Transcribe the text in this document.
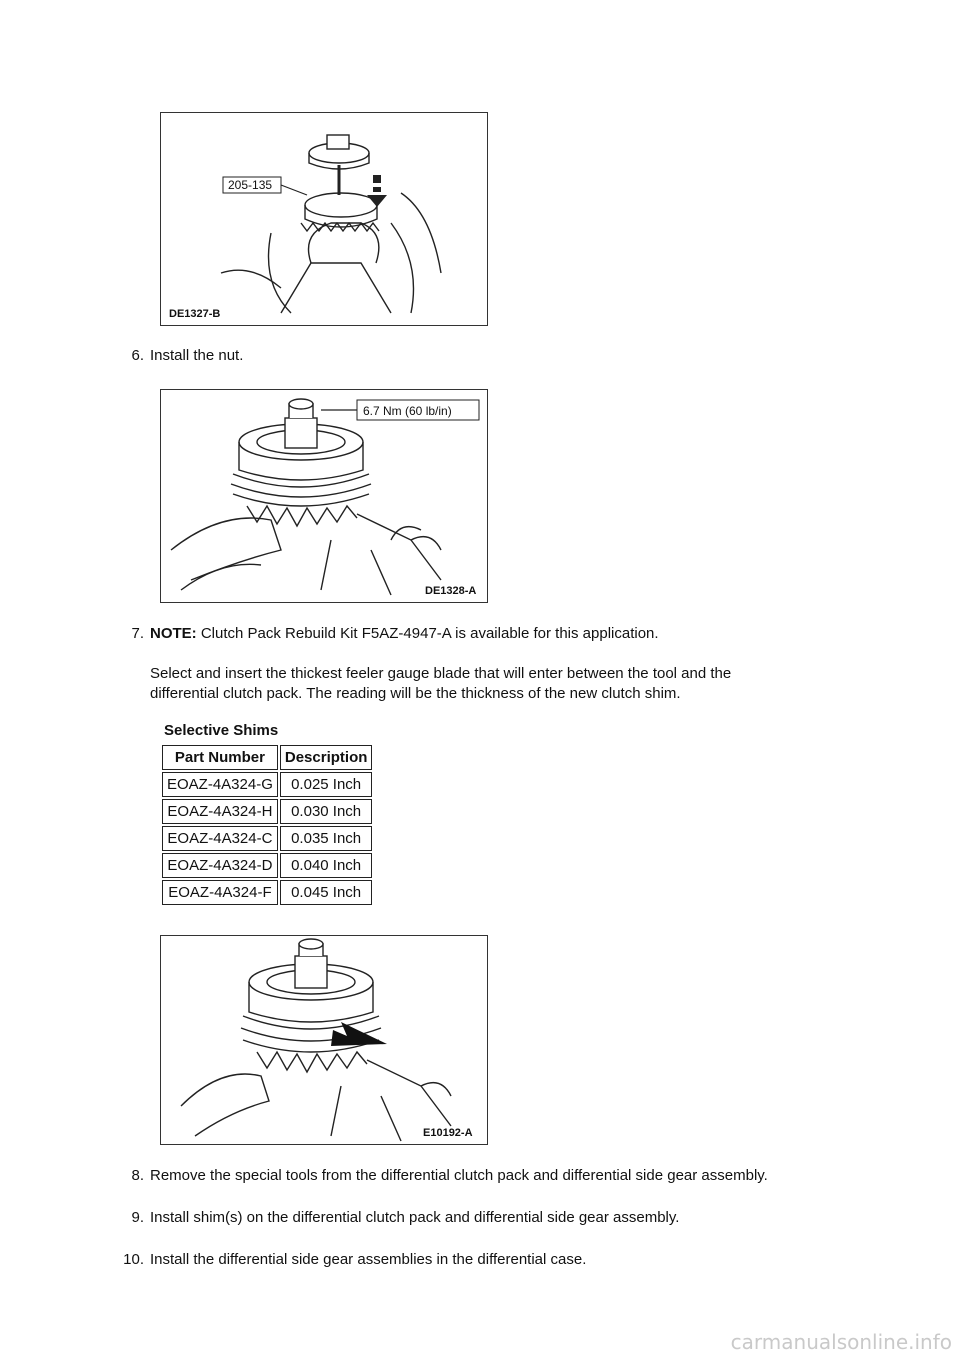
205-135
DE1327-B
6. Install the nut.
6.7 Nm (60 lb/in)
DE1328-A
7. NOTE: Clutch Pack Rebuild Kit F5AZ-4947-A is available for this application.
Select and insert the thickest feeler gauge blade that will enter between the tool and the differential clutch pack. The reading will be the thickness of the new clutch shim.
Selective Shims
Part Number	Description
EOAZ-4A324-G	0.025 Inch
EOAZ-4A324-H	0.030 Inch
EOAZ-4A324-C	0.035 Inch
EOAZ-4A324-D	0.040 Inch
EOAZ-4A324-F	0.045 Inch
E10192-A
8. Remove the special tools from the differential clutch pack and differential side gear assembly.
9. Install shim(s) on the differential clutch pack and differential side gear assembly.
10. Install the differential side gear assemblies in the differential case.
carmanualsonline.info
